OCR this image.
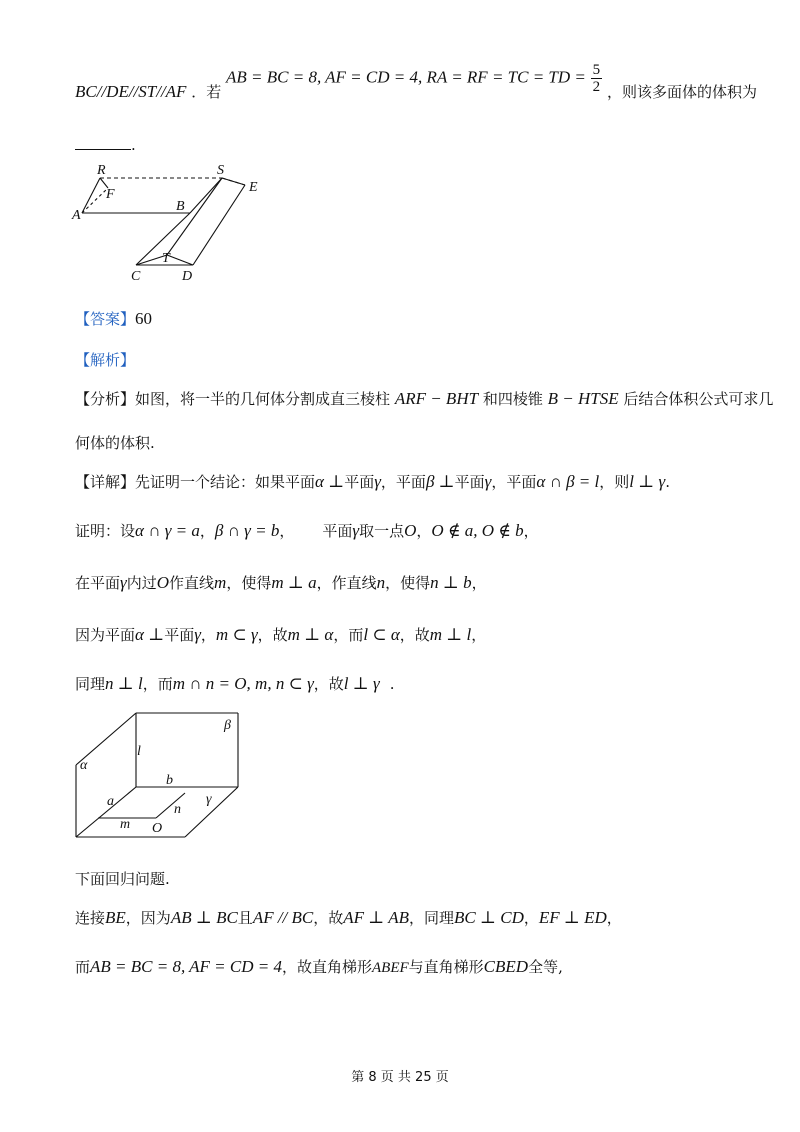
BC//DE//ST//AF ．若 AB = BC = 8, AF = CD = 4, RA = RF = TC = TD = $\frac{5}{2}$ ，则该多面体的体积为
.
R	S
E
F
A
B
T
C	D
【答案】60
【解析】
【分析】如图，将一半的几何体分割成直三棱柱 ARF − BHT 和四棱锥 B − HTSE 后结合体积公式可求几
何体的体积.
【详解】先证明一个结论：如果平面α ⊥平面γ，平面β ⊥平面γ，平面α ∩ β = l，则l ⊥ γ.
证明：设α ∩ γ = a，β ∩ γ = b， 平面γ取一点O，O ∉ a, O ∉ b，
在平面γ内过O作直线m，使得m ⊥ a，作直线n，使得n ⊥ b，
因为平面α ⊥平面γ，m ⊂ γ，故m ⊥ α，而l ⊂ α，故m ⊥ l，
同理n ⊥ l，而m ∩ n = O, m, n ⊂ γ，故l ⊥ γ .
β
l
α
b
γ
a
n
m O
下面回归问题.
连接BE，因为AB ⊥ BC且AF // BC，故AF ⊥ AB，同理BC ⊥ CD，EF ⊥ ED，
而AB = BC = 8, AF = CD = 4，故直角梯形ABEF与直角梯形CBED全等,
第 8 页 共 25 页
